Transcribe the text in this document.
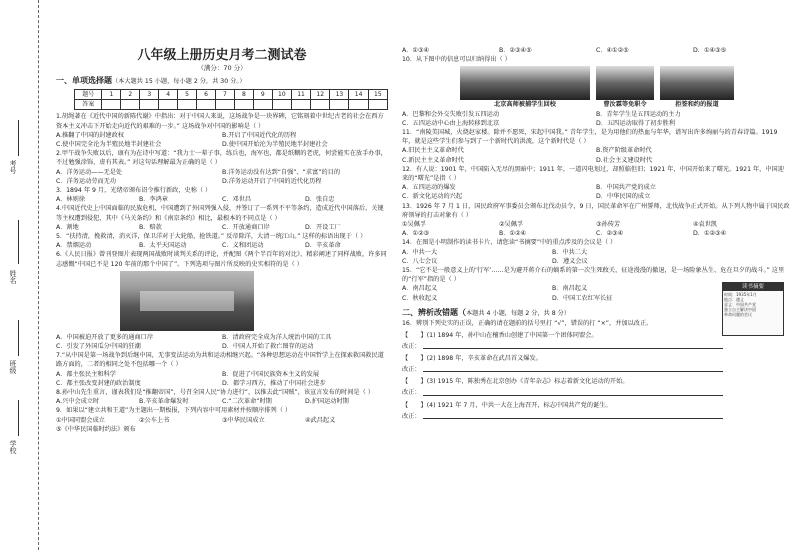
考号
姓名
班级
学校
八年级上册历史月考二测试卷
（满分：70 分）
一、单项选择题（本大题共 15 小题，每小题 2 分，共 30 分。）
题号	1	2	3	4	5	6	7	8	9	10	11	12	13	14	15
答案															
1.胡绳著在《近代中国的新陈代谢》中指出：对于中国人来说，这场战争是一块界碑，它铭刻着中世纪古老的社会在西方资本主义冲击下开始走向近代的艰难的一步。” 这场战争对中国的影响是（ ）
A.推翻了中国的封建政权	B.开启了中国近代化的历程
C.使中国完全沦为半殖民地半封建社会	D.使中国开始沦为半殖民地半封建社会
2.甲午战争失败以后，康有为在诗中写道：“我力士一辈子事，练兵也，海军也，都是纸糊的老虎，何尝能实在放手办事，不过勉强涂饰，虚有其表。” 对这句话理解最为正确的是（ ）
A．洋务运动——无是处	B.洋务运动没有达到“自强”、“求富”的目的
C．洋务运动劳而无功	D.洋务运动开启了中国的近代化历程
3．1894 年 9 月，光绪帝颁布诏令推行新政，史称（ ）
A．林则徐	B．李鸿章	C．邓世昌	D．张自忠
4.中国近代史上中国面临的民族危机，中国遭到了外国列强入侵，并签订了一系列不平等条约，造成近代中国落后，关键等主权遭到侵犯，其中《马关条约》和《南京条约》相比，最根本的不同点是（ ）
A．割地	B．赔款	C．开放通商口岸	D．开设工厂
5．“扶持清，挽救清，消灭洋，保卫洋对于大轮船，抢铁道。” 反帝除洋，大清一统江山。” 这样的标语出现于（ ）
A．禁烟运动	B．太平天国运动	C．义和团运动	D．辛亥革命
6.《人民日报》曾刊登图片表现两国战败时谈判关系的评论，并配图《两个半百年的对比》，精彩阐述了同样战败，许多同志感慨“中国已不是 120 年前的那个中国了”。下列选项与图片所反映的史实相符的是（ ）
A．中国被迫开放了更多的通商口岸	B．清政府完全成为洋人统治中国的工具
C．引发了外国瓜分中国的狂潮	D．中国人开始了救亡图存的运动
7.“从中国是第一场战争到后继中国，无事变法运动为共和运动相继兴起。“各种思想运动在中国哲学上在探索救国救民道路方面的，二者的相同之处不包括哪一个（ ）
A．都主张民主和科学	B．促进了中国民族资本主义的发展
C．都主张改变封建的政治制度	D．都学习西方，推动了中国社会进步
8.孙中山先生重言，谨表我们是“推翻帝国”，号召全国人民“协力进行”，以推去此“国贼”，该宣言发布的时间是（ ）
A.兴中会成立时	B.辛亥革命爆发时	C.“二次革命”时期	D.护国运动时期
9．如果以“建立共和王道”为主题出一期板报，下列内容中可用素材并按顺序排列（ ）
①中国同盟会成立	②公车上书	③中华民国成立	④武昌起义
⑤《中华民国临时约法》颁布
A．①③④	B．②③④⑤	C．④①②⑤	D．①④③⑤
10．从下图中的信息可以归纳得出（ ）
北京高师被捕学生回校	曹汝霖等免职令	拒签和约的报道
A．巴黎和会外交失败引发五四运动	B．青年学生是五四运动的主力
C．五四运动中心由上海转移到北京	D．五四运动取得了初步胜利
11．“南陵美国城，火烧赵家楼。除并不愿死，宋起中国我。” 青年学生，是为用他们的热血与年华，谱写出许多绚丽与的青春诗篇。1919 年，就是这些学生们参与到了一个新时代的洪流，这个新时代是（ ）
A.旧民主主义革命时代	B.资产阶级革命时代
C.新民主主义革命时代	D.社会主义建设时代
12．有人说：1901 年，中国陷入无尽的黑暗中；1911 年，一道闪电划过，却照临但旧；1921 年，中国开始来了曙光。1921 年，中国迎来的“曙光”是指（ ）
A．五四运动的爆发	B．中国共产党的成立
C．新文化运动的兴起	D．中华民国的成立
13．1926 年 7 月 1 日，国民政府军事委员会颁布北伐动员令，9 日，国民革命军在广州誓师，北伐战争正式开始。从下列人物中属于国民政府领导的打击对象有（ ）
①吴佩孚	②吴佩孚	③孙传芳	④袁世凯
A．①②③	B．①②④	C．②③④	D．①②③④
14．在图是小明制作的读书卡片，请您读“书摘要”中的重点涉及的会议是（ ）
A．中共一大	B．中共二大
C．八七会议	D．遵义会议
15．“它不是一般意义上的‘行军’……是为避开蒋介石的嫡系的第一次生死攸关、征途漫漫的撤退，是一场险象丛生、危在旦夕的战斗。” 这里的“行军”指的是（ ）
A．南昌起义	B．南昌起义
C．秋收起义	D．中国工农红军长征
读书摘要
时间：1935年1月
地点：遵义
意义：中国共产党
独立自主解决中国
革命问题的会议
二、辨析改错题（本题共 4 小题，每题 2 分，共 8 分）
16．辨别下列史实的正误，正确的请在题前的括号里打 “√”，错误的打 “×”，并加以改正。
【　　】(1) 1894 年，孙中山在檀香山创建了中国第一个团体同盟会。
改正：
【　　】(2) 1898 年，辛亥革命在武昌首义爆发。
改正：
【　　】(3) 1915 年，陈独秀在北京创办《青年杂志》标志着新文化运动的开始。
改正：
【　　】(4) 1921 年 7 月，中共一大在上海召开，标志中国共产党的诞生。
改正：
